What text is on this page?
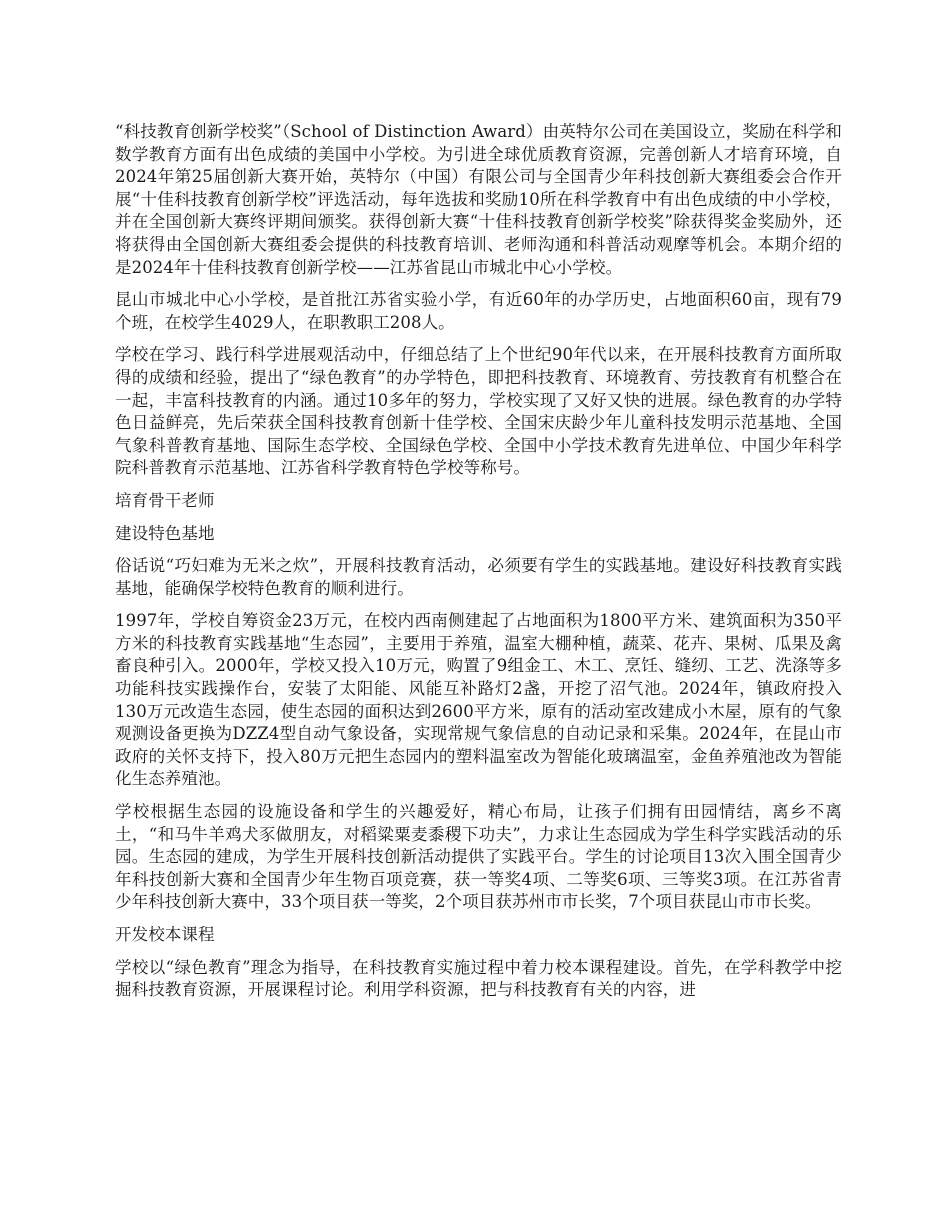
“科技教育创新学校奖”（School of Distinction Award）由英特尔公司在美国设立，奖励在科学和数学教育方面有出色成绩的美国中小学校。为引进全球优质教育资源，完善创新人才培育环境，自2024年第25届创新大赛开始，英特尔（中国）有限公司与全国青少年科技创新大赛组委会合作开展“十佳科技教育创新学校”评选活动，每年选拔和奖励10所在科学教育中有出色成绩的中小学校，并在全国创新大赛终评期间颁奖。获得创新大赛“十佳科技教育创新学校奖”除获得奖金奖励外，还将获得由全国创新大赛组委会提供的科技教育培训、老师沟通和科普活动观摩等机会。本期介绍的是2024年十佳科技教育创新学校——江苏省昆山市城北中心小学校。

昆山市城北中心小学校，是首批江苏省实验小学，有近60年的办学历史，占地面积60亩，现有79个班，在校学生4029人，在职教职工208人。

学校在学习、践行科学进展观活动中，仔细总结了上个世纪90年代以来，在开展科技教育方面所取得的成绩和经验，提出了“绿色教育”的办学特色，即把科技教育、环境教育、劳技教育有机整合在一起，丰富科技教育的内涵。通过10多年的努力，学校实现了又好又快的进展。绿色教育的办学特色日益鲜亮，先后荣获全国科技教育创新十佳学校、全国宋庆龄少年儿童科技发明示范基地、全国气象科普教育基地、国际生态学校、全国绿色学校、全国中小学技术教育先进单位、中国少年科学院科普教育示范基地、江苏省科学教育特色学校等称号。

培育骨干老师

建设特色基地

俗话说“巧妇难为无米之炊”，开展科技教育活动，必须要有学生的实践基地。建设好科技教育实践基地，能确保学校特色教育的顺利进行。

1997年，学校自筹资金23万元，在校内西南侧建起了占地面积为1800平方米、建筑面积为350平方米的科技教育实践基地“生态园”，主要用于养殖，温室大棚种植，蔬菜、花卉、果树、瓜果及禽畜良种引入。2000年，学校又投入10万元，购置了9组金工、木工、烹饪、缝纫、工艺、洗涤等多功能科技实践操作台，安装了太阳能、风能互补路灯2盏，开挖了沼气池。2024年，镇政府投入130万元改造生态园，使生态园的面积达到2600平方米，原有的活动室改建成小木屋，原有的气象观测设备更换为DZZ4型自动气象设备，实现常规气象信息的自动记录和采集。2024年，在昆山市政府的关怀支持下，投入80万元把生态园内的塑料温室改为智能化玻璃温室，金鱼养殖池改为智能化生态养殖池。

学校根据生态园的设施设备和学生的兴趣爱好，精心布局，让孩子们拥有田园情结，离乡不离土，“和马牛羊鸡犬豕做朋友，对稻粱粟麦黍稷下功夫”，力求让生态园成为学生科学实践活动的乐园。生态园的建成，为学生开展科技创新活动提供了实践平台。学生的讨论项目13次入围全国青少年科技创新大赛和全国青少年生物百项竞赛，获一等奖4项、二等奖6项、三等奖3项。在江苏省青少年科技创新大赛中，33个项目获一等奖，2个项目获苏州市市长奖，7个项目获昆山市市长奖。

开发校本课程

学校以“绿色教育”理念为指导，在科技教育实施过程中着力校本课程建设。首先，在学科教学中挖掘科技教育资源，开展课程讨论。利用学科资源，把与科技教育有关的内容，进
